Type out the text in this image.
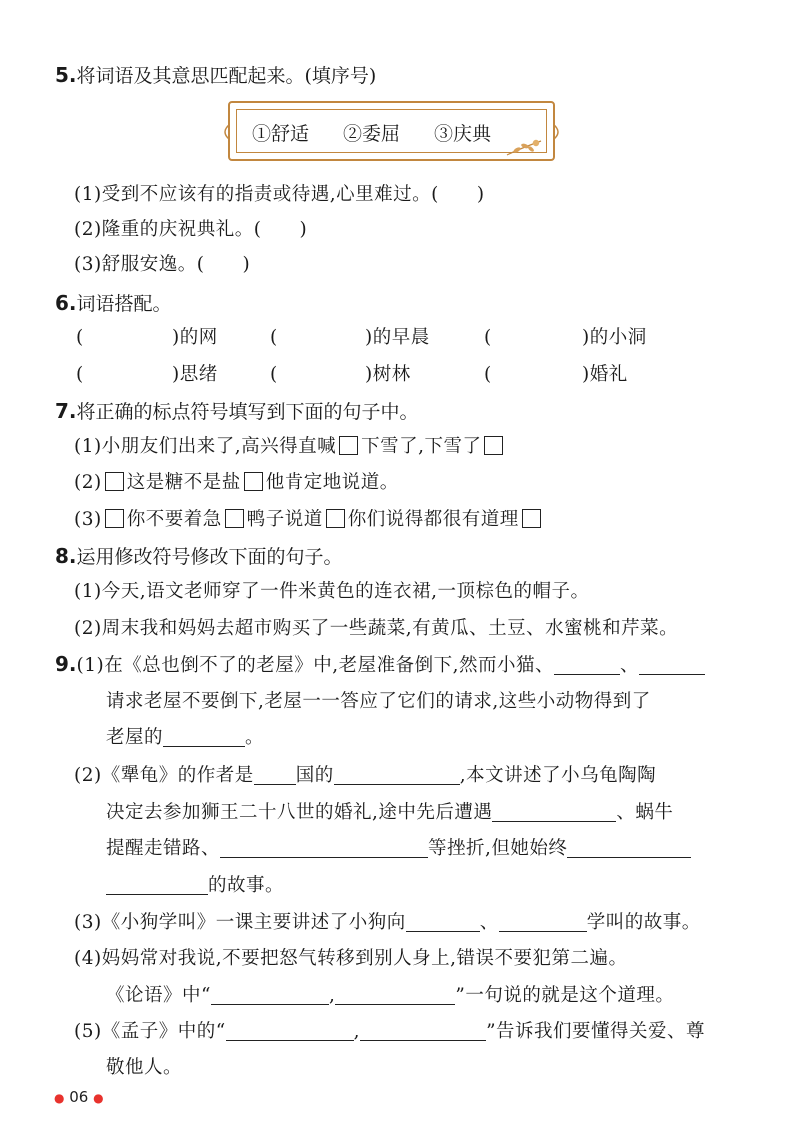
5.将词语及其意思匹配起来。(填序号)
①舒适 ②委屈 ③庆典
(1)受到不应该有的指责或待遇,心里难过。( )
(2)隆重的庆祝典礼。( )
(3)舒服安逸。( )
6.词语搭配。
(	)的网	(	)的早晨	(	)的小洞
(	)思绪	(	)树林	(	)婚礼
7.将正确的标点符号填写到下面的句子中。
(1)小朋友们出来了,高兴得直喊 下雪了,下雪了
(2) 这是糖不是盐 他肯定地说道。
(3) 你不要着急 鸭子说道 你们说得都很有道理
8.运用修改符号修改下面的句子。
(1)今天,语文老师穿了一件米黄色的连衣裙,一顶棕色的帽子。
(2)周末我和妈妈去超市购买了一些蔬菜,有黄瓜、土豆、水蜜桃和芹菜。
9.(1)在《总也倒不了的老屋》中,老屋准备倒下,然而小猫、	、
请求老屋不要倒下,老屋一一答应了它们的请求,这些小动物得到了
老屋的	。
(2)《犟龟》的作者是 国的	,本文讲述了小乌龟陶陶
决定去参加狮王二十八世的婚礼,途中先后遭遇	、蜗牛
提醒走错路、	等挫折,但她始终
的故事。
(3)《小狗学叫》一课主要讲述了小狗向	、	学叫的故事。
(4)妈妈常对我说,不要把怒气转移到别人身上,错误不要犯第二遍。
《论语》中“	,	”一句说的就是这个道理。
(5)《孟子》中的“	,	”告诉我们要懂得关爱、尊
敬他人。
● 06 ●
